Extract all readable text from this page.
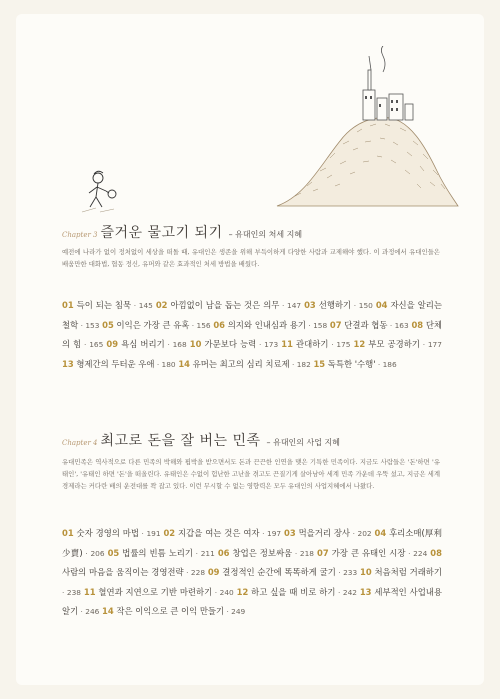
Chapter 3 즐거운 물고기 되기 – 유대인의 처세 지혜
예전에 나라가 없이 정처없이 세상을 떠돌 때, 유대인은 생존을 위해 부득이하게 다양한 사람과 교제해야 했다. 이 과정에서 유대인들은 배움만한 대화법, 협동 정신, 유머와 같은 효과적인 처세 방법을 배웠다.
01 득이 되는 침묵 · 145 02 아낌없이 남을 돕는 것은 의무 · 147 03 선행하기 · 150 04 자신을 알리는 철학 · 153 05 이익은 가장 큰 유혹 · 156 06 의지와 인내심과 용기 · 158 07 단결과 협동 · 163 08 단체의 힘 · 165 09 욕심 버리기 · 168 10 가문보다 능력 · 173 11 관대하기 · 175 12 부모 공경하기 · 177 13 형제간의 두터운 우애 · 180 14 유머는 최고의 심리 치료제 · 182 15 독특한 '수행' · 186
Chapter 4 최고로 돈을 잘 버는 민족 – 유대인의 사업 지혜
유대민족은 역사적으로 다른 민족의 박해와 핍박을 받으면서도 돈과 끈끈한 인연을 맺은 기특한 민족이다. 지금도 사람들은 '돈'하면 '유태인', '유태인 하면 '돈'을 떠올린다. 유태인은 수없이 험난한 고난을 겪고도 끈질기게 살아남아 세계 민족 가운데 우뚝 섰고, 지금은 세계경제라는 커다란 배의 운전대를 꽉 잡고 있다. 이런 무시할 수 없는 영향력은 모두 유대인의 사업지혜에서 나왔다.
01 숫자 경영의 마법 · 191 02 지갑을 여는 것은 여자 · 197 03 먹을거리 장사 · 202 04 후리소매(厚利少賣) · 206 05 법률의 빈틈 노리기 · 211 06 창업은 정보싸움 · 218 07 가장 큰 유태인 시장 · 224 08 사람의 마음을 움직이는 경영전략 · 228 09 결정적인 순간에 똑똑하게 굴기 · 233 10 처음처럼 거래하기 · 238 11 혈연과 지연으로 기반 마련하기 · 240 12 하고 싶을 때 비로 하기 · 242 13 세부적인 사업내용 알기 · 246 14 작은 이익으로 큰 이익 만들기 · 249
